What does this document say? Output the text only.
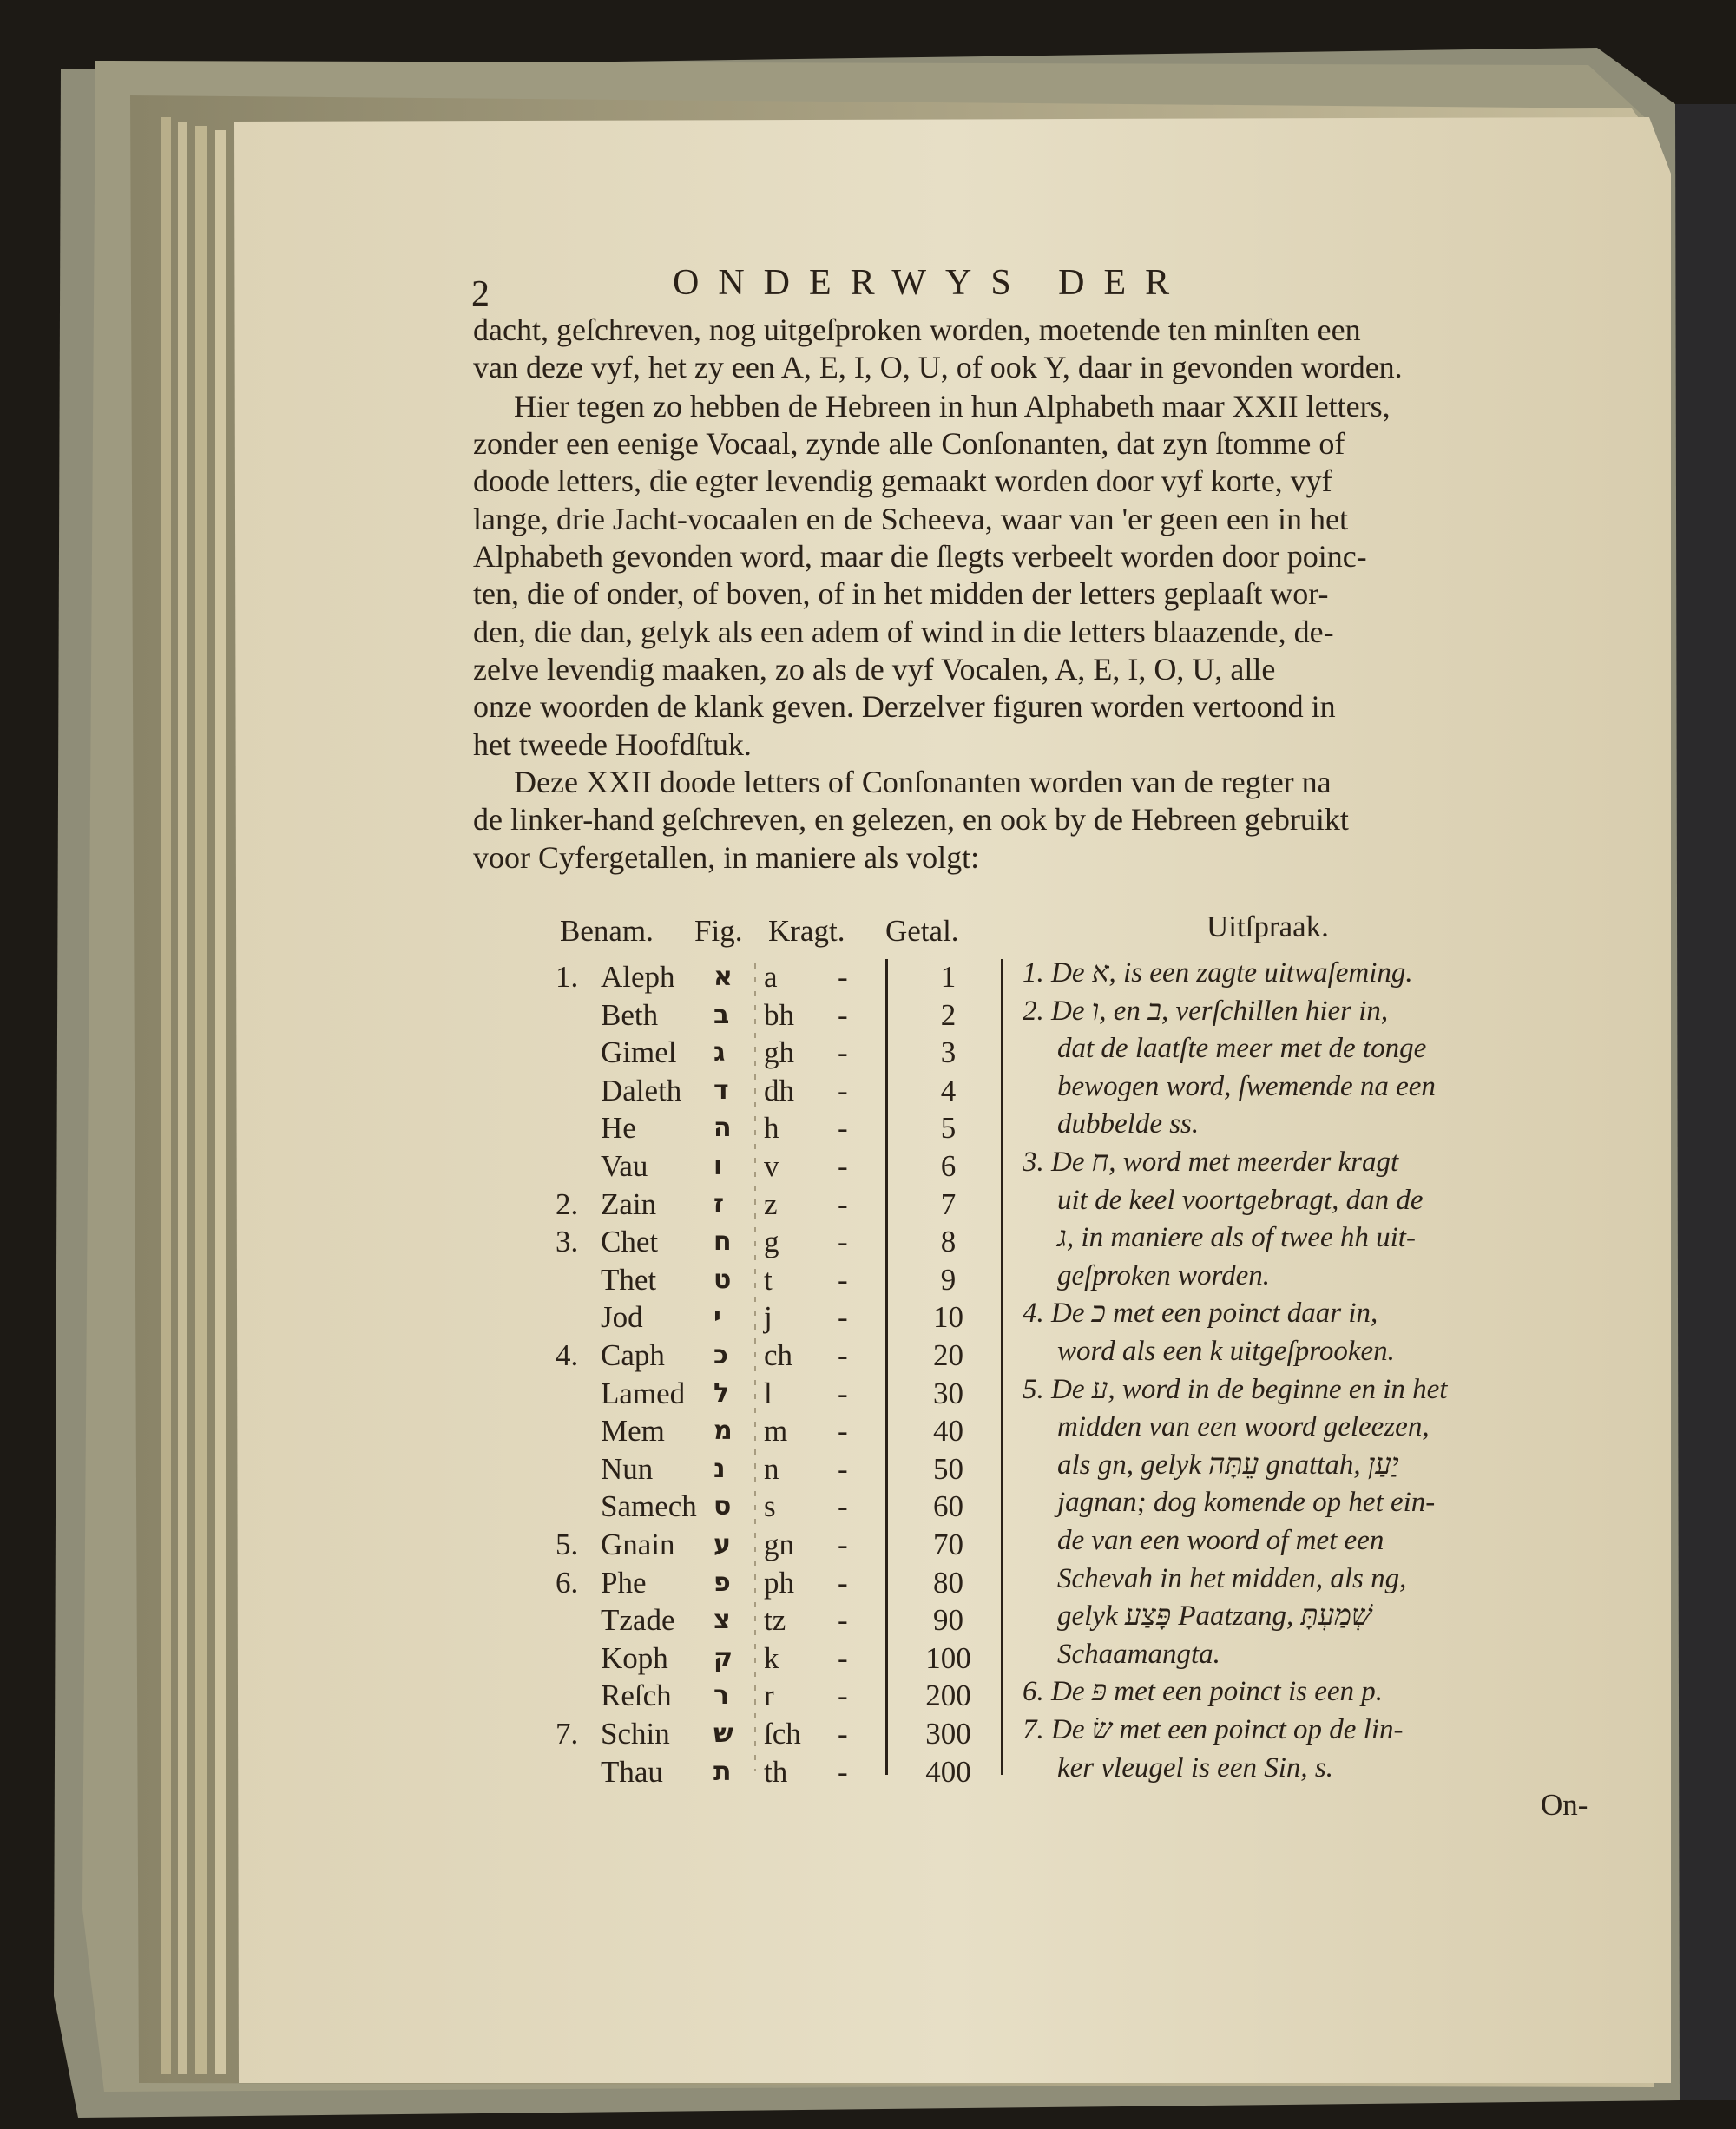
2	ONDERWYS DER
dacht, geſchreven, nog uitgeſproken worden, moetende ten minſten een
van deze vyf, het zy een A, E, I, O, U, of ook Y, daar in gevonden worden.
Hier tegen zo hebben de Hebreen in hun Alphabeth maar XXII letters,
zonder een eenige Vocaal, zynde alle Conſonanten, dat zyn ſtomme of
doode letters, die egter levendig gemaakt worden door vyf korte, vyf
lange, drie Jacht-vocaalen en de Scheeva, waar van 'er geen een in het
Alphabeth gevonden word, maar die ſlegts verbeelt worden door poinc-
ten, die of onder, of boven, of in het midden der letters geplaaſt wor-
den, die dan, gelyk als een adem of wind in die letters blaazende, de-
zelve levendig maaken, zo als de vyf Vocalen, A, E, I, O, U, alle
onze woorden de klank geven. Derzelver figuren worden vertoond in
het tweede Hoofdſtuk.
Deze XXII doode letters of Conſonanten worden van de regter na
de linker-hand geſchreven, en gelezen, en ook by de Hebreen gebruikt
voor Cyfergetallen, in maniere als volgt:
Benam. Fig. Kragt. Getal.	Uitſpraak.
1. Aleph א a -	1
Beth ב bh -	2
Gimel ג gh -	3
Daleth ד dh -	4
He	ה h -	5
Vau	ו v -	6
2. Zain ז z -	7
3. Chet ח g -	8
Thet ט t -	9
Jod	י j -	10
4. Caph כ ch -	20
Lamed ל l -	30
Mem מ m -	40
Nun נ n -	50
Samech ס s -	60
5. Gnain ע gn -	70
6. Phe	פ ph -	80
Tzade צ tz -	90
Koph ק k -	100
Reſch ר r -	200
7. Schin ש ſch -	300
Thau ת th -	400
1. De א, is een zagte uitwaſeming.
2. De ו, en ב, verſchillen hier in,
dat de laatſte meer met de tonge
bewogen word, ſwemende na een
dubbelde ss.
3. De ח, word met meerder kragt
uit de keel voortgebragt, dan de
ג, in maniere als of twee hh uit-
geſproken worden.
4. De כ met een poinct daar in,
word als een k uitgeſprooken.
5. De ע, word in de beginne en in het
midden van een woord geleezen,
als gn, gelyk עֵתָּה gnattah, יַעַן
jagnan; dog komende op het ein-
de van een woord of met een
Schevah in het midden, als ng,
gelyk פָּצַע Paatzang, שְׁמַעְתָּ
Schaamangta.
6. De פּ met een poinct is een p.
7. De שׂ met een poinct op de lin-
ker vleugel is een Sin, s.
On-
